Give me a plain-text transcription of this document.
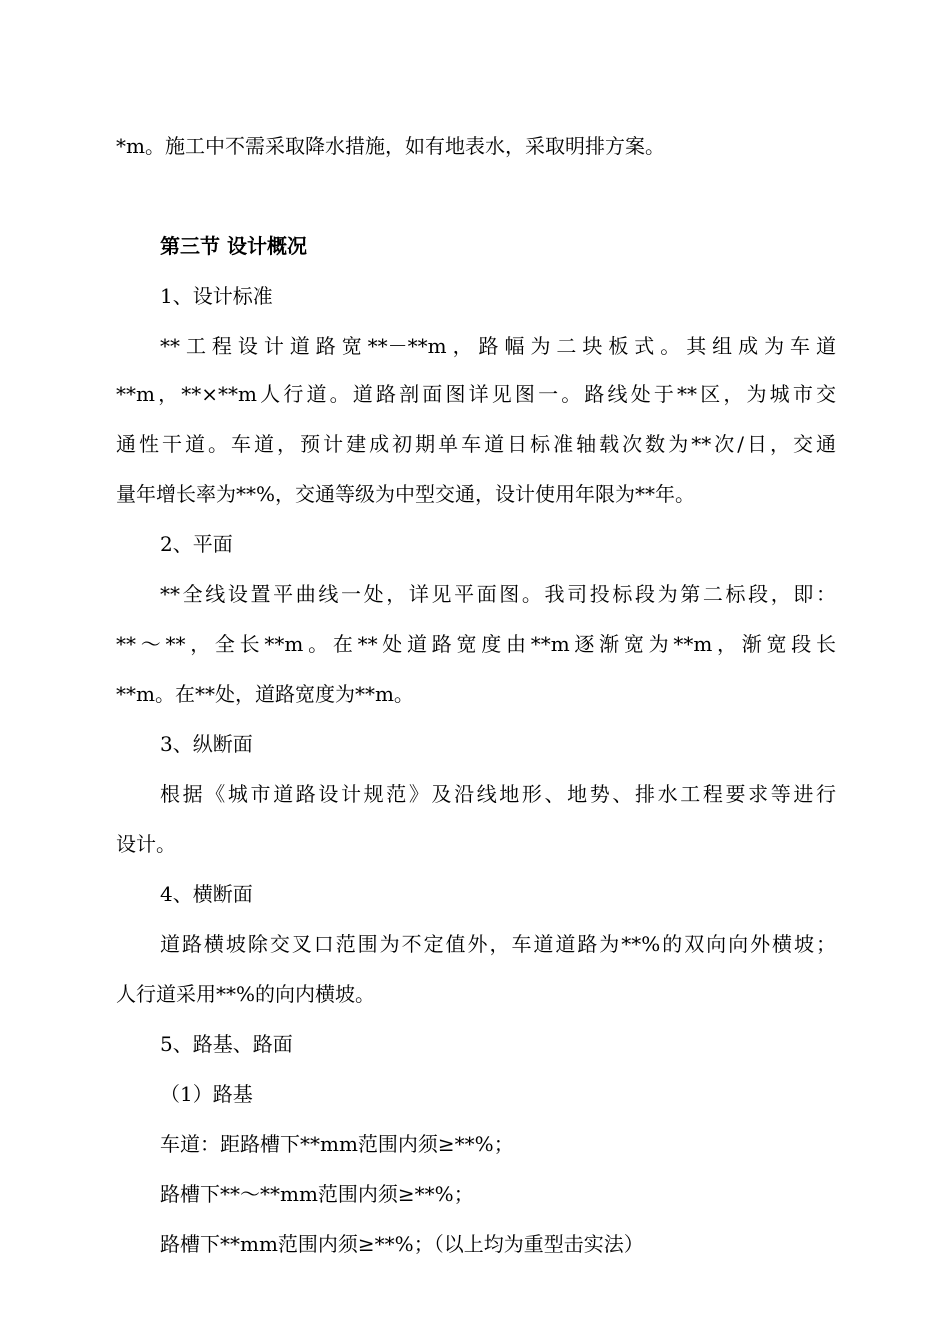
*m。施工中不需采取降水措施，如有地表水，采取明排方案。
第三节 设计概况
1、设计标准
**工程设计道路宽**－**m，路幅为二块板式。其组成为车道
**m，**×**m人行道。道路剖面图详见图一。路线处于**区，为城市交
通性干道。车道，预计建成初期单车道日标准轴载次数为**次/日，交通
量年增长率为**%，交通等级为中型交通，设计使用年限为**年。
2、平面
**全线设置平曲线一处，详见平面图。我司投标段为第二标段，即：
**～**，全长**m。在**处道路宽度由**m逐渐宽为**m，渐宽段长
**m。在**处，道路宽度为**m。
3、纵断面
根据《城市道路设计规范》及沿线地形、地势、排水工程要求等进行
设计。
4、横断面
道路横坡除交叉口范围为不定值外，车道道路为**%的双向向外横坡；
人行道采用**%的向内横坡。
5、路基、路面
（1）路基
车道：距路槽下**mm范围内须≥**%；
路槽下**～**mm范围内须≥**%；
路槽下**mm范围内须≥**%；（以上均为重型击实法）
